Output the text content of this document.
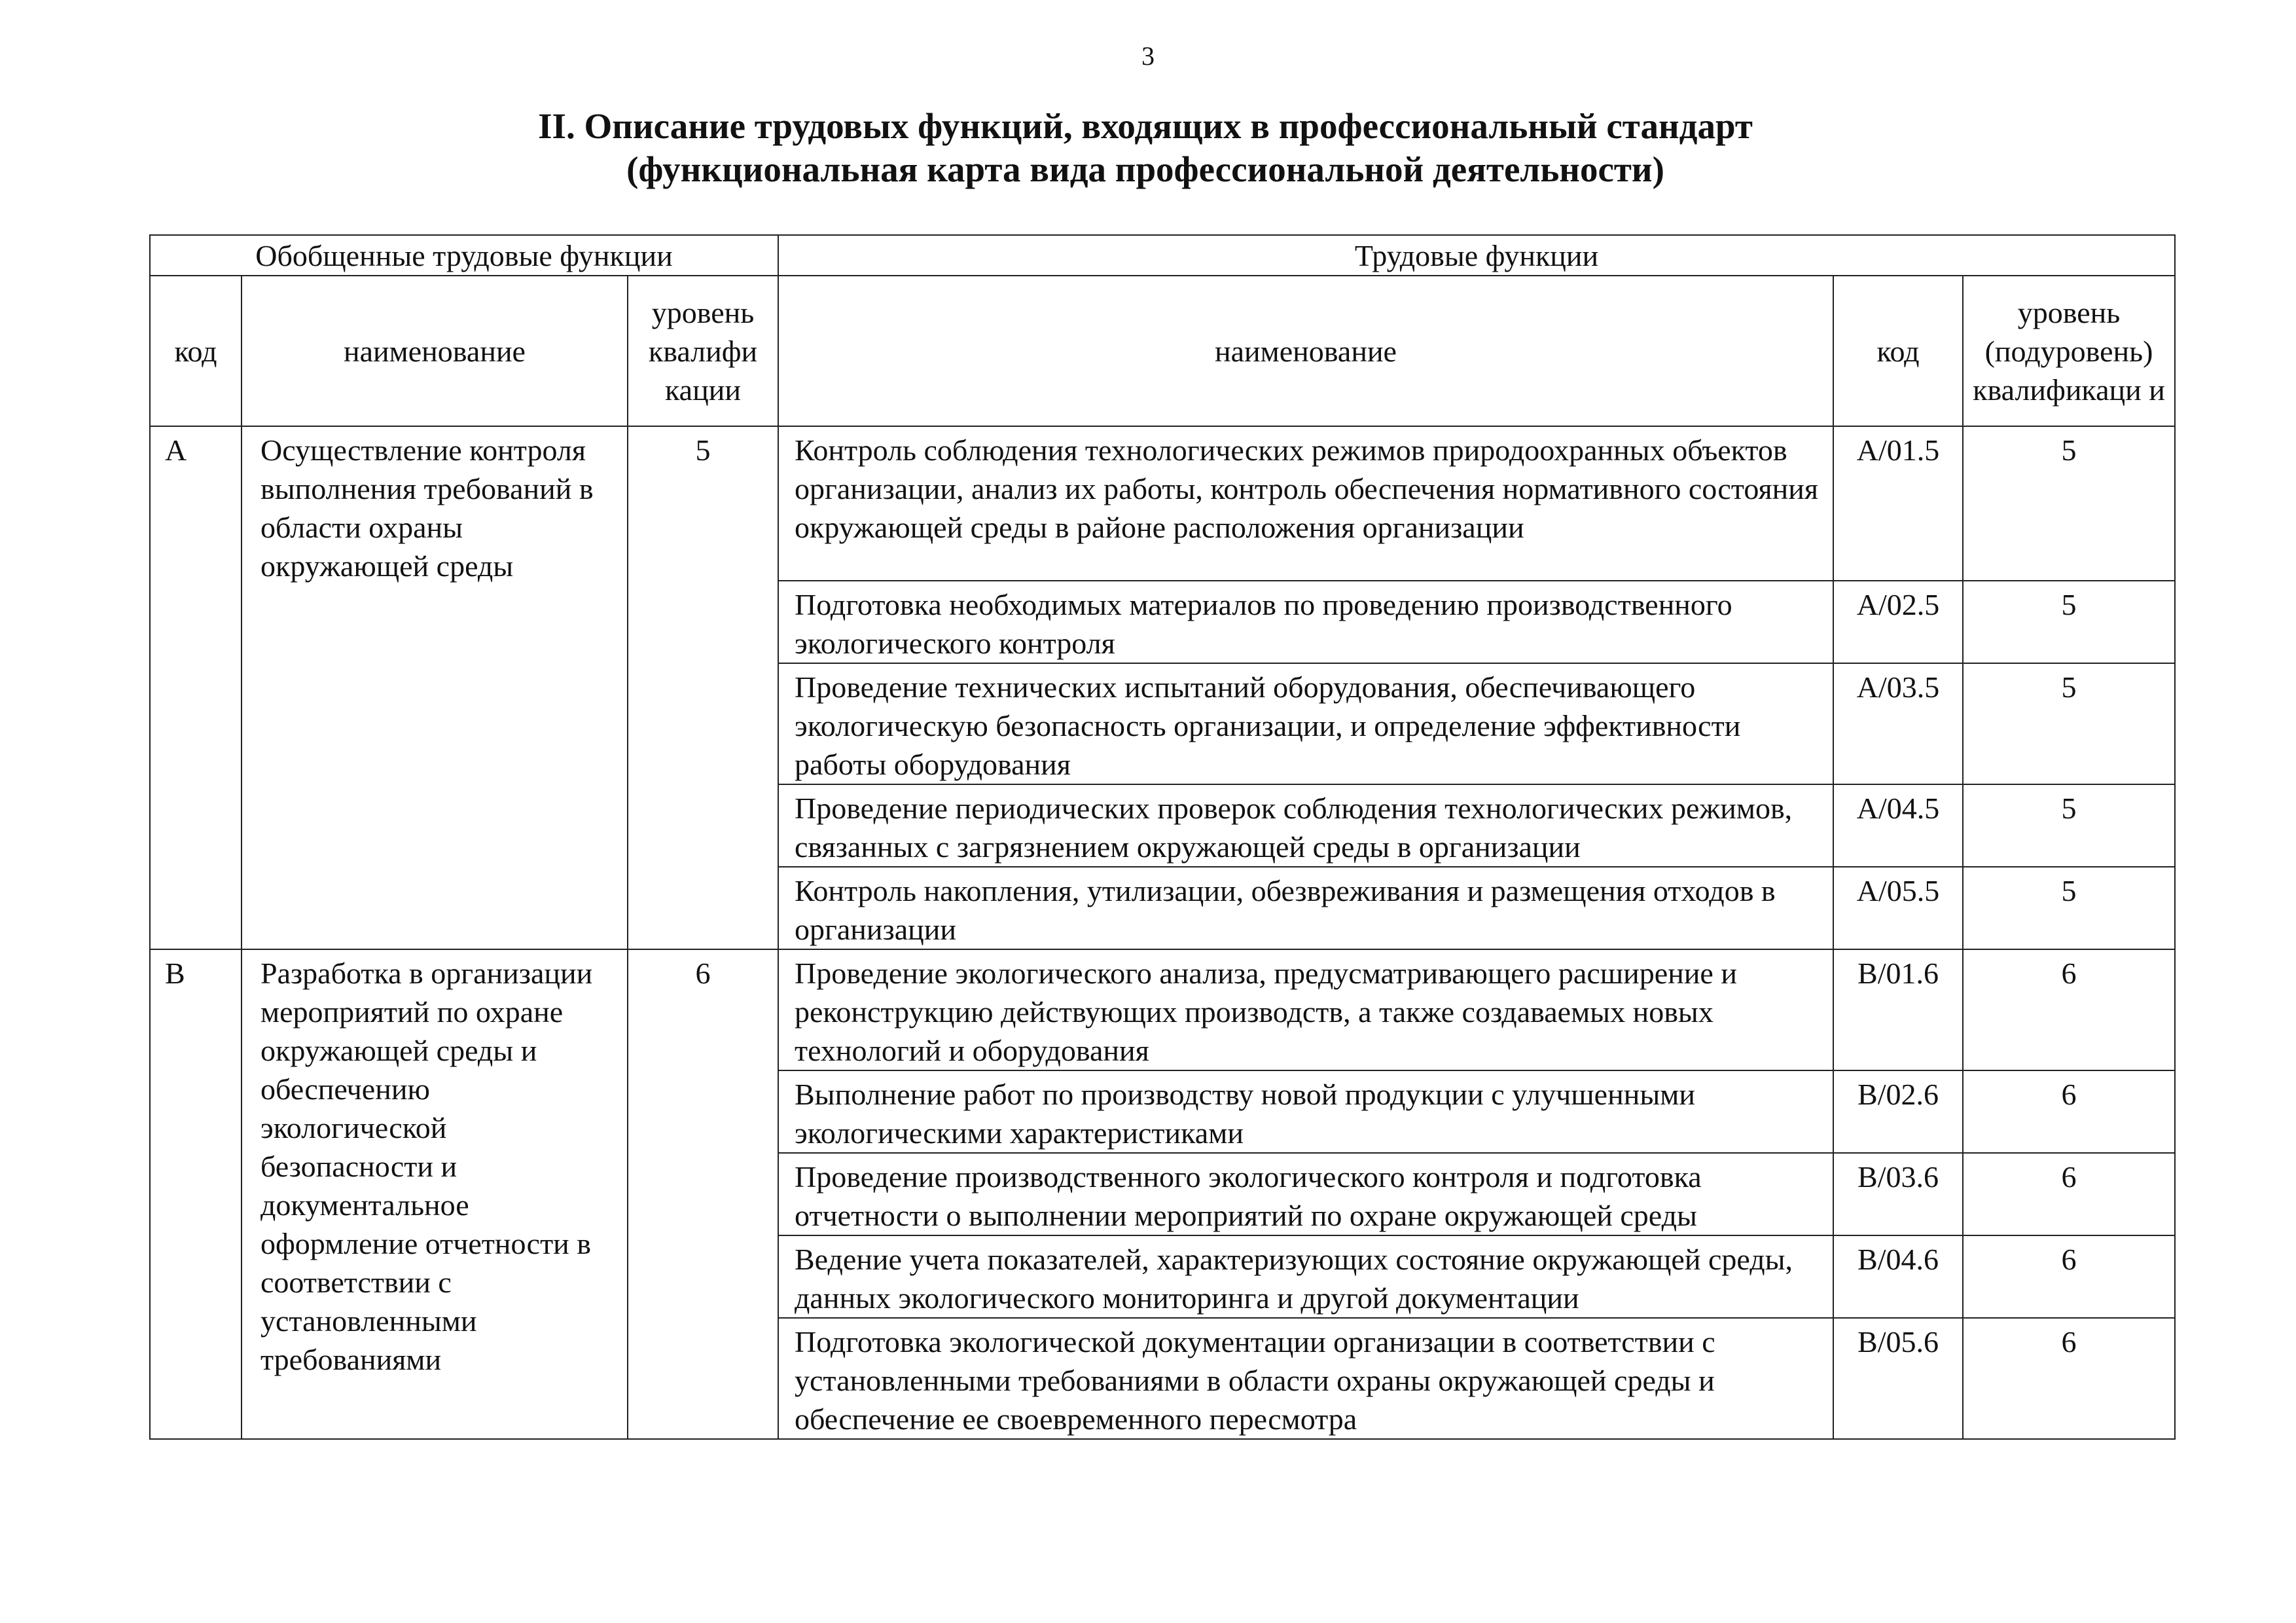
3
II. Описание трудовых функций, входящих в профессиональный стандарт
(функциональная карта вида профессиональной деятельности)
Обобщенные трудовые функции			Трудовые функции		
код	наименование	уровень квалифи кации	наименование	код	уровень (подуровень) квалификаци и
A	Осуществление контроля выполнения требований в области охраны окружающей среды	5	Контроль соблюдения технологических режимов природоохранных объектов организации, анализ их работы, контроль обеспечения нормативного состояния окружающей среды в районе расположения организации	A/01.5	5
			Подготовка необходимых материалов по проведению производственного экологического контроля	A/02.5	5
			Проведение технических испытаний оборудования, обеспечивающего экологическую безопасность организации, и определение эффективности работы оборудования	A/03.5	5
			Проведение периодических проверок соблюдения технологических режимов, связанных с загрязнением окружающей среды в организации	A/04.5	5
			Контроль накопления, утилизации, обезвреживания и размещения отходов в организации	A/05.5	5
B	Разработка в организации мероприятий по охране окружающей среды и обеспечению экологической безопасности и документальное оформление отчетности в соответствии с установленными требованиями	6	Проведение экологического анализа, предусматривающего расширение и реконструкцию действующих производств, а также создаваемых новых технологий и оборудования	B/01.6	6
			Выполнение работ по производству новой продукции с улучшенными экологическими характеристиками	B/02.6	6
			Проведение производственного экологического контроля и подготовка отчетности о выполнении мероприятий по охране окружающей среды	B/03.6	6
			Ведение учета показателей, характеризующих состояние окружающей среды, данных экологического мониторинга и другой документации	B/04.6	6
			Подготовка экологической документации организации в соответствии с установленными требованиями в области охраны окружающей среды и обеспечение ее своевременного пересмотра	B/05.6	6
